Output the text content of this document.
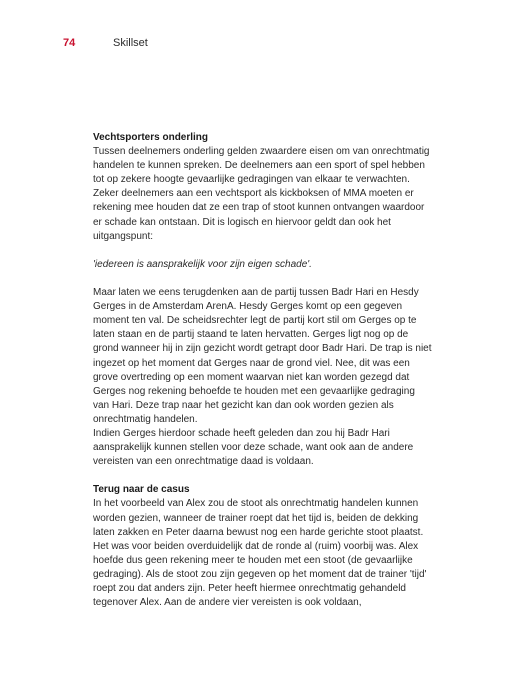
74	Skillset

Vechtsporters onderling

Tussen deelnemers onderling gelden zwaardere eisen om van onrechtmatig handelen te kunnen spreken. De deelnemers aan een sport of spel hebben tot op zekere hoogte gevaarlijke gedragingen van elkaar te verwachten. Zeker deelnemers aan een vechtsport als kickboksen of MMA moeten er rekening mee houden dat ze een trap of stoot kunnen ontvangen waardoor er schade kan ontstaan. Dit is logisch en hiervoor geldt dan ook het uitgangspunt:

'iedereen is aansprakelijk voor zijn eigen schade'.

Maar laten we eens terugdenken aan de partij tussen Badr Hari en Hesdy Gerges in de Amsterdam ArenA. Hesdy Gerges komt op een gegeven moment ten val. De scheidsrechter legt de partij kort stil om Gerges op te laten staan en de partij staand te laten hervatten. Gerges ligt nog op de grond wanneer hij in zijn gezicht wordt getrapt door Badr Hari. De trap is niet ingezet op het moment dat Gerges naar de grond viel. Nee, dit was een grove overtreding op een moment waarvan niet kan worden gezegd dat Gerges nog rekening behoefde te houden met een gevaarlijke gedraging van Hari. Deze trap naar het gezicht kan dan ook worden gezien als onrechtmatig handelen.

Indien Gerges hierdoor schade heeft geleden dan zou hij Badr Hari aansprakelijk kunnen stellen voor deze schade, want ook aan de andere vereisten van een onrechtmatige daad is voldaan.

Terug naar de casus

In het voorbeeld van Alex zou de stoot als onrechtmatig handelen kunnen worden gezien, wanneer de trainer roept dat het tijd is, beiden de dekking laten zakken en Peter daarna bewust nog een harde gerichte stoot plaatst. Het was voor beiden overduidelijk dat de ronde al (ruim) voorbij was. Alex hoefde dus geen rekening meer te houden met een stoot (de gevaarlijke gedraging). Als de stoot zou zijn gegeven op het moment dat de trainer 'tijd' roept zou dat anders zijn. Peter heeft hiermee onrechtmatig gehandeld tegenover Alex. Aan de andere vier vereisten is ook voldaan,
